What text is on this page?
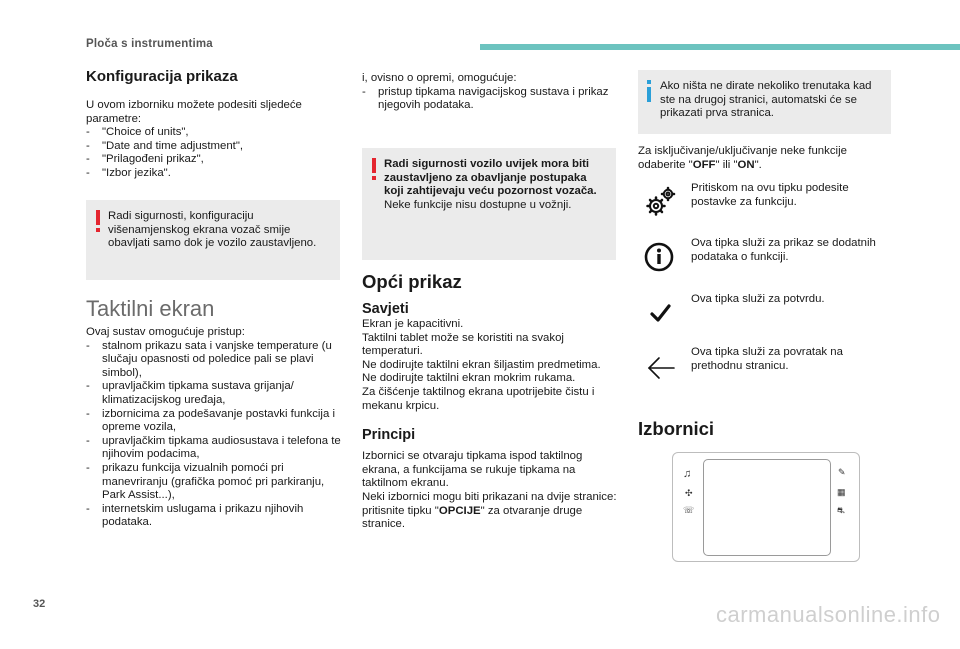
Ploča s instrumentima
Konfiguracija prikaza

U ovom izborniku možete podesiti sljedeće parametre:

- "Choice of units",
- "Date and time adjustment",
- "Prilagođeni prikaz",
- "Izbor jezika".

Radi sigurnosti, konfiguraciju višenamjenskog ekrana vozač smije obavljati samo dok je vozilo zaustavljeno.

Taktilni ekran

Ovaj sustav omogućuje pristup:

- stalnom prikazu sata i vanjske temperature (u slučaju opasnosti od poledice pali se plavi simbol),
- upravljačkim tipkama sustava grijanja/ klimatizacijskog uređaja,
- izbornicima za podešavanje postavki funkcija i opreme vozila,
- upravljačkim tipkama audiosustava i telefona te njihovim podacima,
- prikazu funkcija vizualnih pomoći pri manevriranju (grafička pomoć pri parkiranju, Park Assist...),
- internetskim uslugama i prikazu njihovih podataka.

i, ovisno o opremi, omogućuje:

- pristup tipkama navigacijskog sustava i prikaz njegovih podataka.

Radi sigurnosti vozilo uvijek mora biti zaustavljeno za obavljanje postupaka koji zahtijevaju veću pozornost vozača.

Neke funkcije nisu dostupne u vožnji.

Opći prikaz
Savjeti

Ekran je kapacitivni.

Taktilni tablet može se koristiti na svakoj temperaturi.

Ne dodirujte taktilni ekran šiljastim predmetima.

Ne dodirujte taktilni ekran mokrim rukama.

Za čišćenje taktilnog ekrana upotrijebite čistu i mekanu krpicu.

Principi

Izbornici se otvaraju tipkama ispod taktilnog ekrana, a funkcijama se rukuje tipkama na taktilnom ekranu.

Neki izbornici mogu biti prikazani na dvije stranice: pritisnite tipku "OPCIJE" za otvaranje druge stranice.

Ako ništa ne dirate nekoliko trenutaka kad ste na drugoj stranici, automatski će se prikazati prva stranica.

Za isključivanje/uključivanje neke funkcije odaberite "OFF" ili "ON".

Pritiskom na ovu tipku podesite postavke za funkciju.

Ova tipka služi za prikaz se dodatnih podataka o funkciji.

Ova tipka služi za potvrdu.

Ova tipka služi za povratak na prethodnu stranicu.

Izbornici
♫
✣
☏
✎
▦
⛐
32	carmanualsonline.info
